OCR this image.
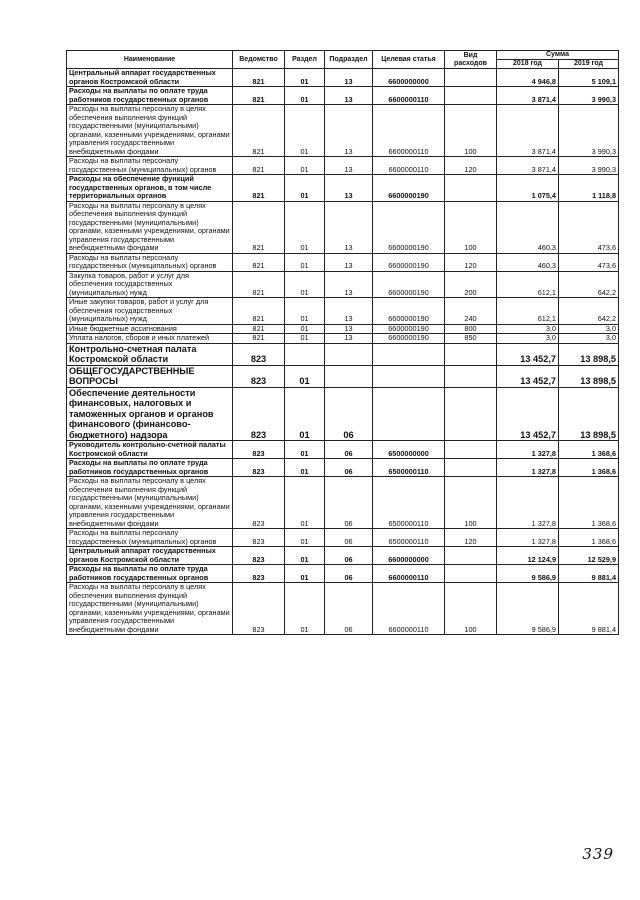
Наименование	Ведомство	Раздел	Подраздел	Целевая статья	Вид расходов	Сумма	
						2018 год	2019 год
Центральный аппарат государственных органов Костромской области	821	01	13	6600000000		4 946,8	5 109,1
Расходы на выплаты по оплате труда работников государственных органов	821	01	13	6600000110		3 871,4	3 990,3
Расходы на выплаты персоналу в целях обеспечения выполнения функций государственными (муниципальными) органами, казенными учреждениями, органами управления государственными внебюджетными фондами	821	01	13	6600000110	100	3 871,4	3 990,3
Расходы на выплаты персоналу государственных (муниципальных) органов	821	01	13	6600000110	120	3 871,4	3 990,3
Расходы на обеспечение функций государственных органов, в том числе территориальных органов	821	01	13	6600000190		1 075,4	1 118,8
Расходы на выплаты персоналу в целях обеспечения выполнения функций государственными (муниципальными) органами, казенными учреждениями, органами управления государственными внебюджетными фондами	821	01	13	6600000190	100	460,3	473,6
Расходы на выплаты персоналу государственных (муниципальных) органов	821	01	13	6600000190	120	460,3	473,6
Закупка товаров, работ и услуг для обеспечения государственных (муниципальных) нужд	821	01	13	6600000190	200	612,1	642,2
Иные закупки товаров, работ и услуг для обеспечения государственных (муниципальных) нужд	821	01	13	6600000190	240	612,1	642,2
Иные бюджетные ассигнования	821	01	13	6600000190	800	3,0	3,0
Уплата налогов, сборов и иных платежей	821	01	13	6600000190	850	3,0	3,0
Контрольно-счетная палата Костромской области	823					13 452,7	13 898,5
ОБЩЕГОСУДАРСТВЕННЫЕ ВОПРОСЫ	823	01				13 452,7	13 898,5
Обеспечение деятельности финансовых, налоговых и таможенных органов и органов финансового (финансово-бюджетного) надзора	823	01	06			13 452,7	13 898,5
Руководитель контрольно-счетной палаты Костромской области	823	01	06	6500000000		1 327,8	1 368,6
Расходы на выплаты по оплате труда работников государственных органов	823	01	06	6500000110		1 327,8	1 368,6
Расходы на выплаты персоналу в целях обеспечения выполнения функций государственными (муниципальными) органами, казенными учреждениями, органами управления государственными внебюджетными фондами	823	01	06	6500000110	100	1 327,8	1 368,6
Расходы на выплаты персоналу государственных (муниципальных) органов	823	01	06	6500000110	120	1 327,8	1 368,6
Центральный аппарат государственных органов Костромской области	823	01	06	6600000000		12 124,9	12 529,9
Расходы на выплаты по оплате труда работников государственных органов	823	01	06	6600000110		9 586,9	9 881,4
Расходы на выплаты персоналу в целях обеспечения выполнения функций государственными (муниципальными) органами, казенными учреждениями, органами управления государственными внебюджетными фондами	823	01	06	6600000110	100	9 586,9	9 881,4
339
